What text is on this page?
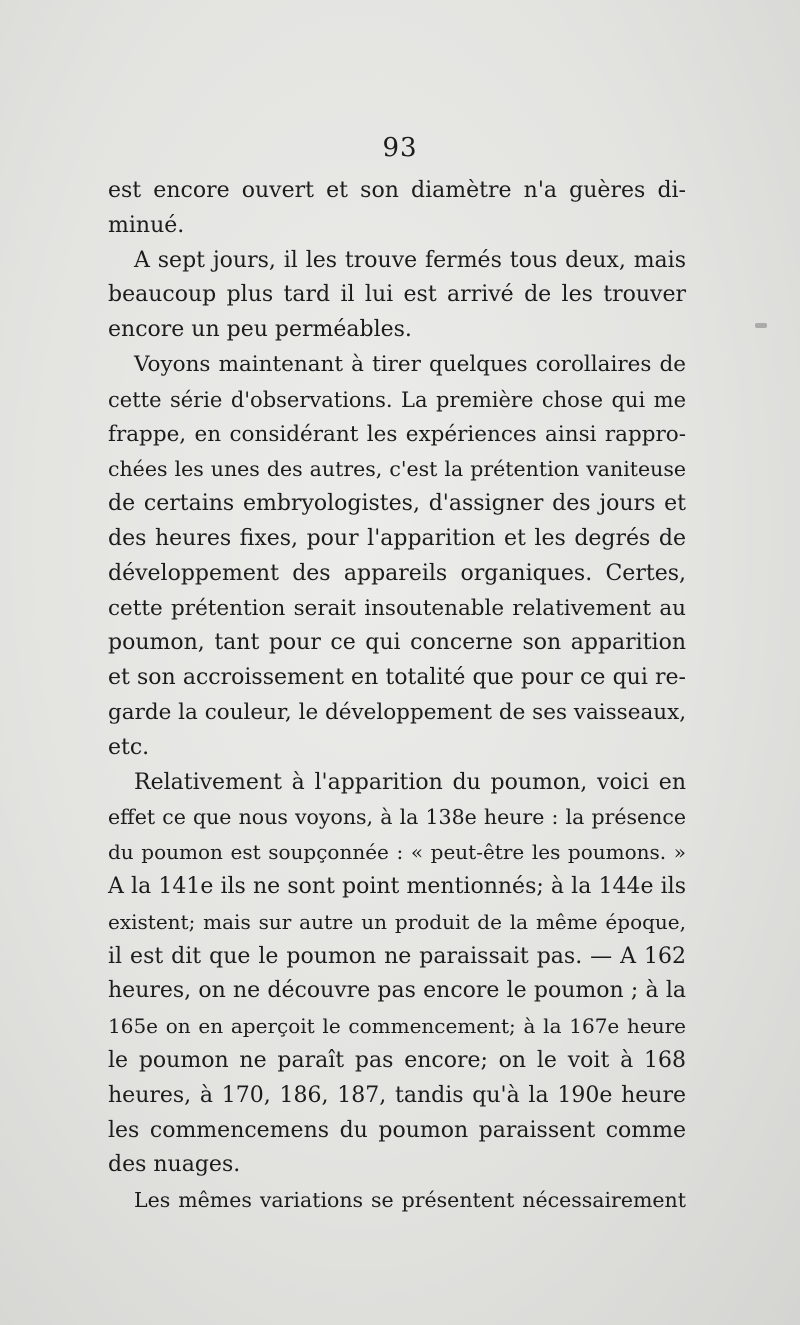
93
est encore ouvert et son diamètre n'a guères di-
minué.
A sept jours, il les trouve fermés tous deux, mais
beaucoup plus tard il lui est arrivé de les trouver
encore un peu perméables.
Voyons maintenant à tirer quelques corollaires de
cette série d'observations. La première chose qui me
frappe, en considérant les expériences ainsi rappro-
chées les unes des autres, c'est la prétention vaniteuse
de certains embryologistes, d'assigner des jours et
des heures fixes, pour l'apparition et les degrés de
développement des appareils organiques. Certes,
cette prétention serait insoutenable relativement au
poumon, tant pour ce qui concerne son apparition
et son accroissement en totalité que pour ce qui re-
garde la couleur, le développement de ses vaisseaux,
etc.
Relativement à l'apparition du poumon, voici en
effet ce que nous voyons, à la 138e heure : la présence
du poumon est soupçonnée : « peut-être les poumons. »
A la 141e ils ne sont point mentionnés; à la 144e ils
existent; mais sur autre un produit de la même époque,
il est dit que le poumon ne paraissait pas. — A 162
heures, on ne découvre pas encore le poumon ; à la
165e on en aperçoit le commencement; à la 167e heure
le poumon ne paraît pas encore; on le voit à 168
heures, à 170, 186, 187, tandis qu'à la 190e heure
les commencemens du poumon paraissent comme
des nuages.
Les mêmes variations se présentent nécessairement
